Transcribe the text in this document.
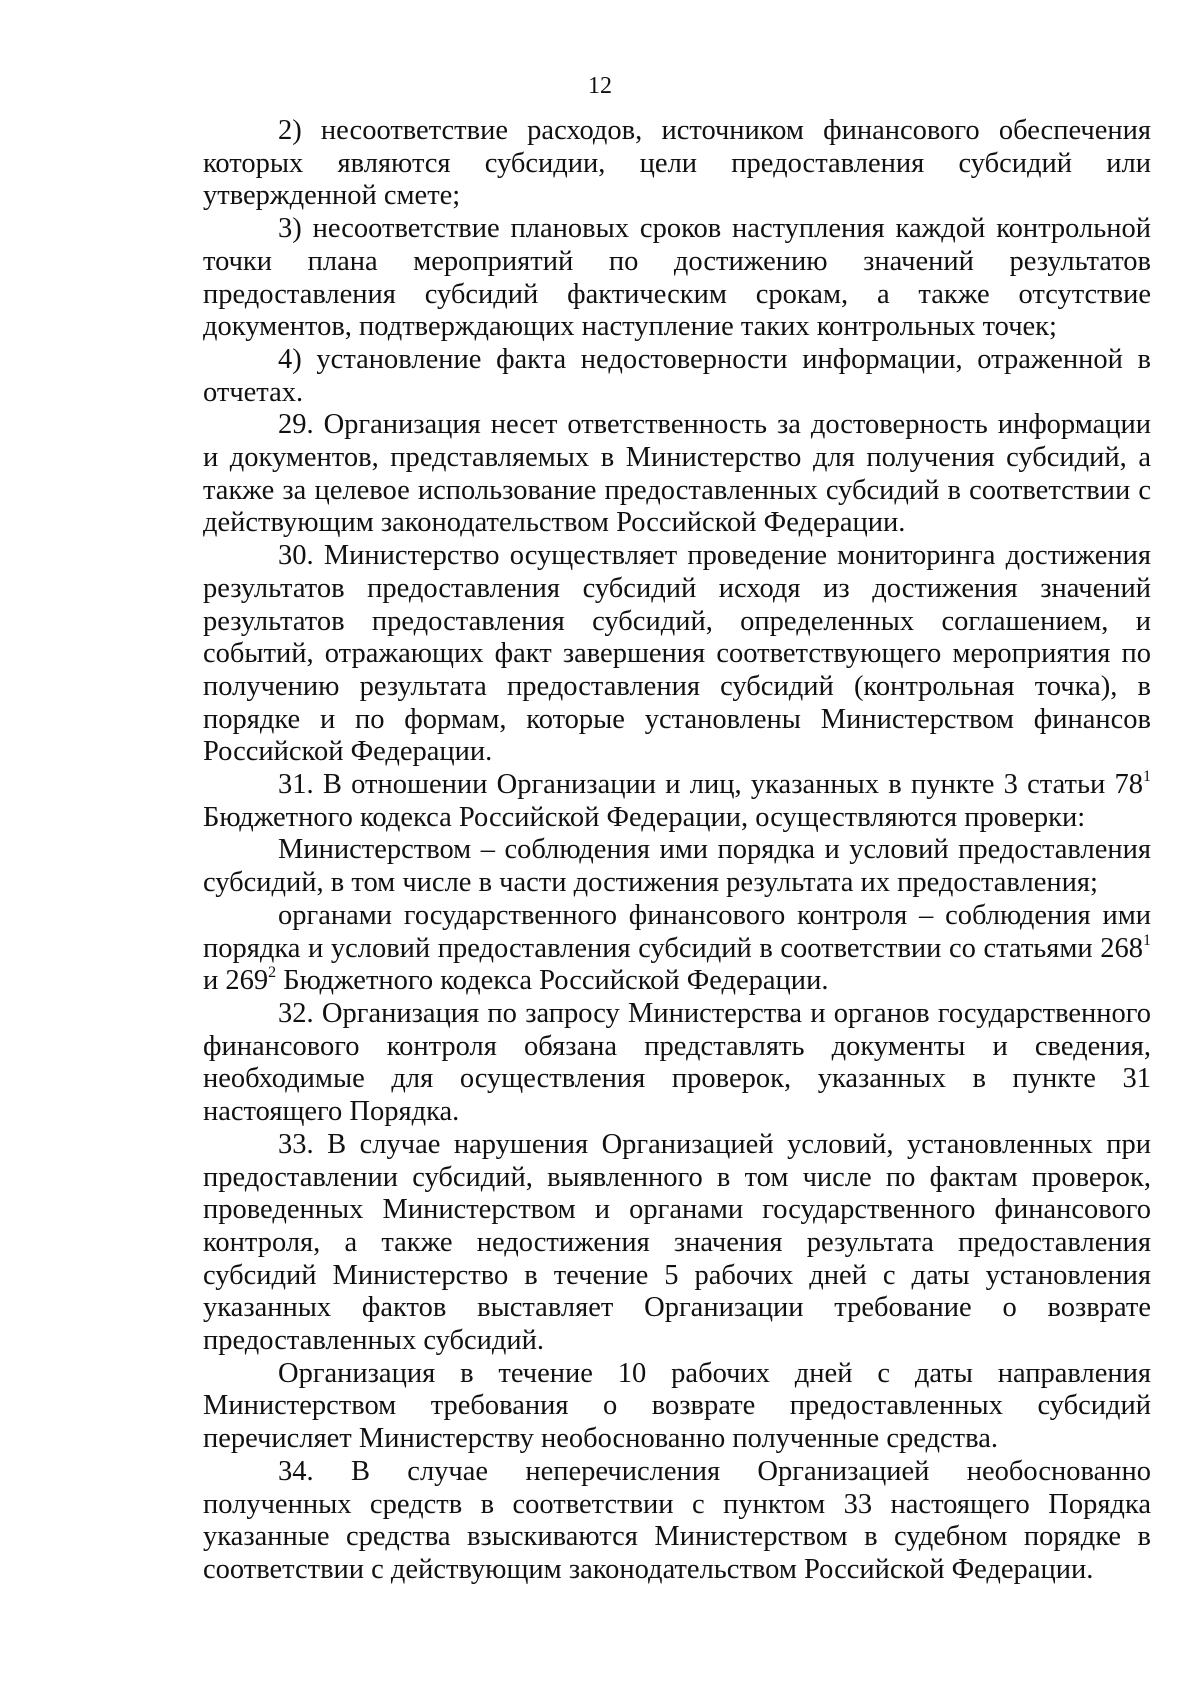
12

2) несоответствие расходов, источником финансового обеспечения которых являются субсидии, цели предоставления субсидий или утвержденной смете;

3) несоответствие плановых сроков наступления каждой контрольной точки плана мероприятий по достижению значений результатов предоставления субсидий фактическим срокам, а также отсутствие документов, подтверждающих наступление таких контрольных точек;

4) установление факта недостоверности информации, отраженной в отчетах.

29. Организация несет ответственность за достоверность информации и документов, представляемых в Министерство для получения субсидий, а также за целевое использование предоставленных субсидий в соответствии с действующим законодательством Российской Федерации.

30. Министерство осуществляет проведение мониторинга достижения результатов предоставления субсидий исходя из достижения значений результатов предоставления субсидий, определенных соглашением, и событий, отражающих факт завершения соответствующего мероприятия по получению результата предоставления субсидий (контрольная точка), в порядке и по формам, которые установлены Министерством финансов Российской Федерации.

31. В отношении Организации и лиц, указанных в пункте 3 статьи $78^1$ Бюджетного кодекса Российской Федерации, осуществляются проверки:

Министерством – соблюдения ими порядка и условий предоставления субсидий, в том числе в части достижения результата их предоставления;

органами государственного финансового контроля – соблюдения ими порядка и условий предоставления субсидий в соответствии со статьями $268^1$ и $269^2$ Бюджетного кодекса Российской Федерации.

32. Организация по запросу Министерства и органов государственного финансового контроля обязана представлять документы и сведения, необходимые для осуществления проверок, указанных в пункте 31 настоящего Порядка.

33. В случае нарушения Организацией условий, установленных при предоставлении субсидий, выявленного в том числе по фактам проверок, проведенных Министерством и органами государственного финансового контроля, а также недостижения значения результата предоставления субсидий Министерство в течение 5 рабочих дней с даты установления указанных фактов выставляет Организации требование о возврате предоставленных субсидий.

Организация в течение 10 рабочих дней с даты направления Министерством требования о возврате предоставленных субсидий перечисляет Министерству необоснованно полученные средства.

34. В случае неперечисления Организацией необоснованно полученных средств в соответствии с пунктом 33 настоящего Порядка указанные средства взыскиваются Министерством в судебном порядке в соответствии с действующим законодательством Российской Федерации.
